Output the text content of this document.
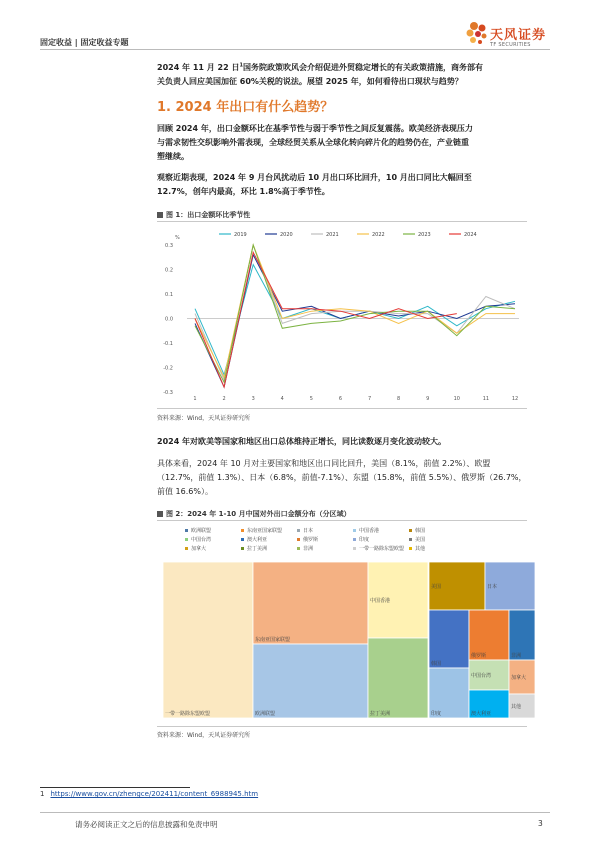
固定收益 | 固定收益专题	天风证券
TF SECURITIES
2024 年 11 月 22 日$^1$国务院政策吹风会介绍促进外贸稳定增长的有关政策措施，商务部有
关负责人回应美国加征 60%关税的说法。展望 2025 年，如何看待出口现状与趋势？
1. 2024 年出口有什么趋势？
回顾 2024 年，出口金额环比在基季节性与弱于季节性之间反复震荡。欧美经济表现压力
与需求韧性交织影响外需表现，全球经贸关系从全球化转向碎片化的趋势仍在，产业链重
塑继续。
观察近期表现，2024 年 9 月台风扰动后 10 月出口环比回升，10 月出口同比大幅回至
12.7%，创年内最高，环比 1.8%高于季节性。
图 1：出口金额环比季节性
2019	2020	2021	2022	2023	2024
%
-0.3
-0.2
-0.1
0.0
0.1
0.2
0.3
1	2	3	4	5	6	7	8	9	10	11	12
资料来源：Wind，天风证券研究所
2024 年对欧美等国家和地区出口总体维持正增长，同比读数逐月变化波动较大。
具体来看，2024 年 10 月对主要国家和地区出口同比回升，美国（8.1%，前值 2.2%）、欧盟
（12.7%，前值 1.3%）、日本（6.8%，前值-7.1%）、东盟（15.8%，前值 5.5%）、俄罗斯（26.7%，
前值 16.6%）。
图 2：2024 年 1-10 月中国对外出口金额分布（分区域）
欧洲联盟	东南亚国家联盟	日本	中国香港	韩国
中国台湾	澳大利亚	俄罗斯	印度	美国
加拿大	拉丁美洲	非洲	一带一路除东盟欧盟 其他
一带一路除东盟欧盟
东南亚国家联盟
欧洲联盟
中国香港
拉丁美洲
美国	日本
韩国
俄罗斯	非洲
印度
中国台湾
澳大利亚
加拿大
其他
资料来源：Wind，天风证券研究所
1 https://www.gov.cn/zhengce/202411/content_6988945.htm
请务必阅读正文之后的信息披露和免责申明	3
